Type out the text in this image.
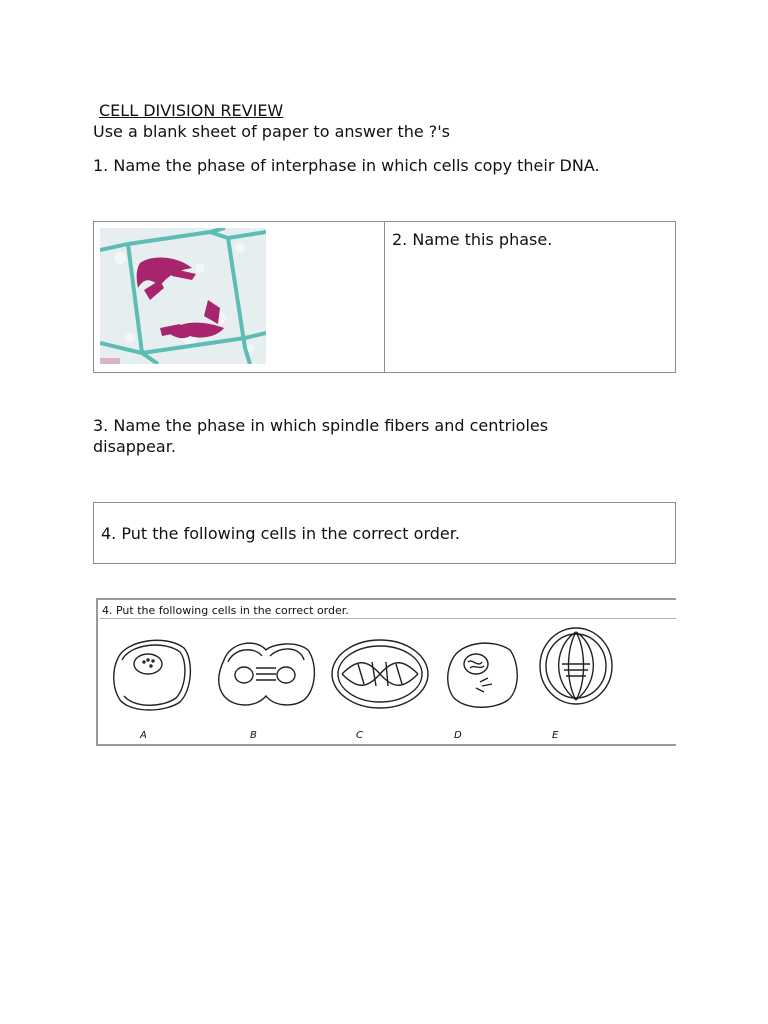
CELL DIVISION REVIEW
Use a blank sheet of paper to answer the ?'s
1. Name the phase of interphase in which cells copy their DNA.
2. Name this phase.
3. Name the phase in which spindle fibers and centrioles
disappear.
4. Put the following cells in the correct order.
4. Put the following cells in the correct order.
A	B	C	D	E
